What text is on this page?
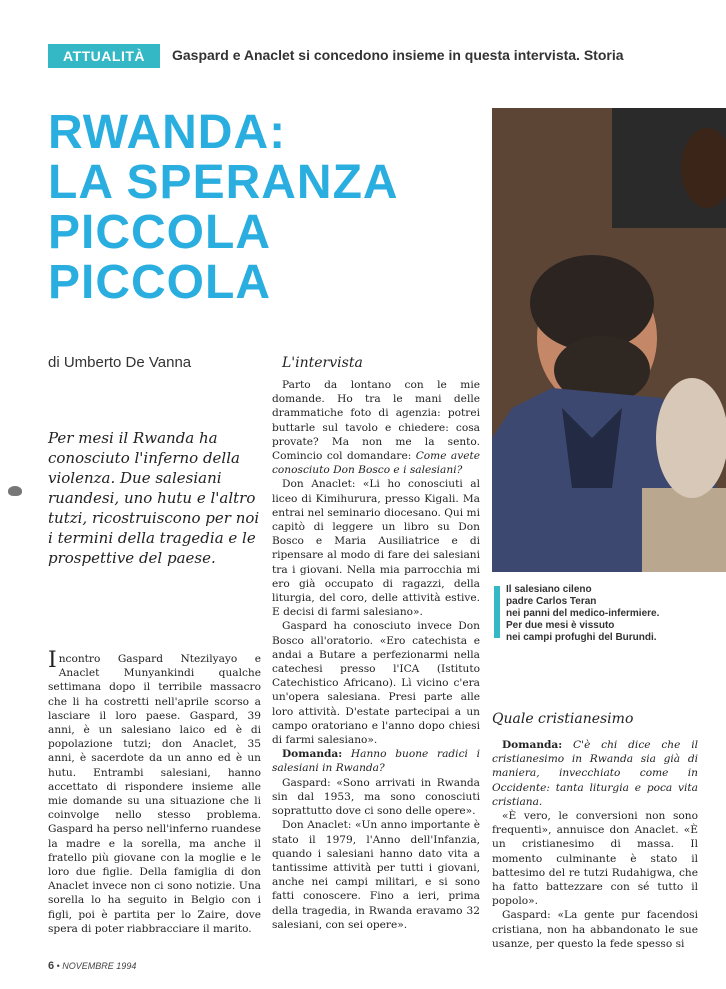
ATTUALITÀ	Gaspard e Anaclet si concedono insieme in questa intervista. Storia
RWANDA:
LA SPERANZA
PICCOLA
PICCOLA
Il salesiano cileno
padre Carlos Teran
nei panni del medico-infermiere.
Per due mesi è vissuto
nei campi profughi del Burundi.
di Umberto De Vanna
Per mesi il Rwanda ha conosciuto l'inferno della violenza. Due salesiani ruandesi, uno hutu e l'altro tutzi, ricostruiscono per noi i termini della tragedia e le prospettive del paese.

Incontro Gaspard Ntezilyayo e Anaclet Munyankindi qualche settimana dopo il terribile massacro che li ha costretti nell'aprile scorso a lasciare il loro paese. Gaspard, 39 anni, è un salesiano laico ed è di popolazione tutzi; don Anaclet, 35 anni, è sacerdote da un anno ed è un hutu. Entrambi salesiani, hanno accettato di rispondere insieme alle mie domande su una situazione che li coinvolge nello stesso problema. Gaspard ha perso nell'inferno ruandese la madre e la sorella, ma anche il fratello più giovane con la moglie e le loro due figlie. Della famiglia di don Anaclet invece non ci sono notizie. Una sorella lo ha seguito in Belgio con i figli, poi è partita per lo Zaire, dove spera di poter riabbracciare il marito.

L'intervista

Parto da lontano con le mie domande. Ho tra le mani delle drammatiche foto di agenzia: potrei buttarle sul tavolo e chiedere: cosa provate? Ma non me la sento. Comincio col domandare: Come avete conosciuto Don Bosco e i salesiani?

Don Anaclet: «Li ho conosciuti al liceo di Kimihurura, presso Kigali. Ma entrai nel seminario diocesano. Qui mi capitò di leggere un libro su Don Bosco e Maria Ausiliatrice e di ripensare al modo di fare dei salesiani tra i giovani. Nella mia parrocchia mi ero già occupato di ragazzi, della liturgia, del coro, delle attività estive. E decisi di farmi salesiano».

Gaspard ha conosciuto invece Don Bosco all'oratorio. «Ero catechista e andai a Butare a perfezionarmi nella catechesi presso l'ICA (Istituto Catechistico Africano). Lì vicino c'era un'opera salesiana. Presi parte alle loro attività. D'estate partecipai a un campo oratoriano e l'anno dopo chiesi di farmi salesiano».

Domanda: Hanno buone radici i salesiani in Rwanda?

Gaspard: «Sono arrivati in Rwanda sin dal 1953, ma sono conosciuti soprattutto dove ci sono delle opere».

Don Anaclet: «Un anno importante è stato il 1979, l'Anno dell'Infanzia, quando i salesiani hanno dato vita a tantissime attività per tutti i giovani, anche nei campi militari, e si sono fatti conoscere. Fino a ieri, prima della tragedia, in Rwanda eravamo 32 salesiani, con sei opere».

Quale cristianesimo

Domanda: C'è chi dice che il cristianesimo in Rwanda sia già di maniera, invecchiato come in Occidente: tanta liturgia e poca vita cristiana.

«È vero, le conversioni non sono frequenti», annuisce don Anaclet. «È un cristianesimo di massa. Il momento culminante è stato il battesimo del re tutzi Rudahigwa, che ha fatto battezzare con sé tutto il popolo».

Gaspard: «La gente pur facendosi cristiana, non ha abbandonato le sue usanze, per questo la fede spesso si

6 • NOVEMBRE 1994
